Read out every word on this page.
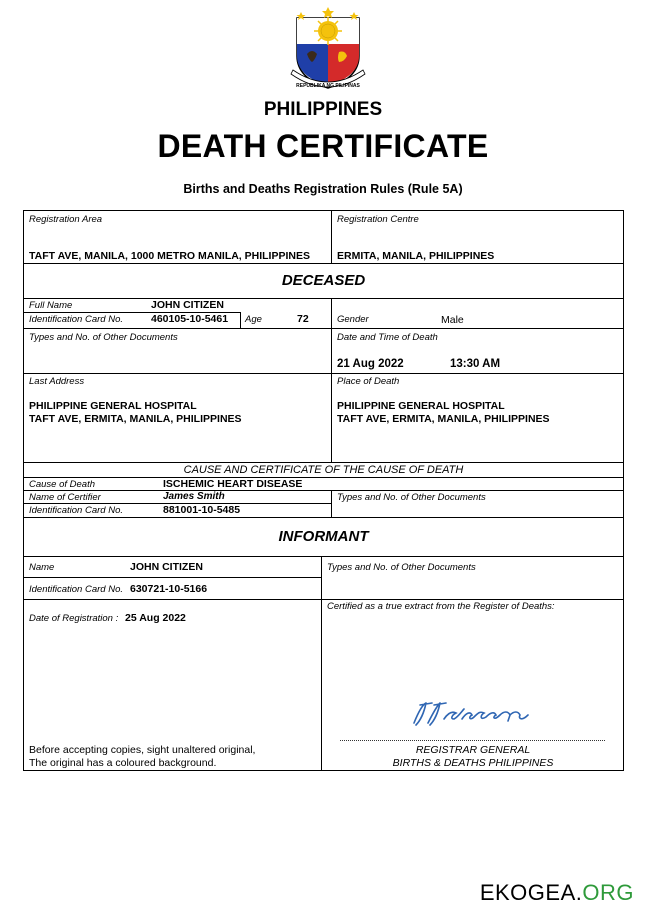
REPUBLIKA NG PILIPINAS
PHILIPPINES
DEATH CERTIFICATE
Births and Deaths Registration Rules (Rule 5A)
Registration Area
TAFT AVE, MANILA, 1000 METRO MANILA, PHILIPPINES
Registration Centre
ERMITA, MANILA, PHILIPPINES
DECEASED
Full Name	JOHN CITIZEN
Identification Card No.	460105-10-5461 Age	72	Gender	Male
Types and No. of Other Documents	Date and Time of Death
21 Aug 2022	13:30 AM
Last Address
PHILIPPINE GENERAL HOSPITAL
TAFT AVE, ERMITA, MANILA, PHILIPPINES
Place of Death
PHILIPPINE GENERAL HOSPITAL
TAFT AVE, ERMITA, MANILA, PHILIPPINES
CAUSE AND CERTIFICATE OF THE CAUSE OF DEATH
Cause of Death	ISCHEMIC HEART DISEASE
Name of Certifier	James Smith	Types and No. of Other Documents
Identification Card No.	881001-10-5485
INFORMANT
Name	JOHN CITIZEN	Types and No. of Other Documents
Identification Card No. 630721-10-5166
Date of Registration : 25 Aug 2022
Certified as a true extract from the Register of Deaths:
Before accepting copies, sight unaltered original,
The original has a coloured background.
REGISTRAR GENERAL
BIRTHS & DEATHS PHILIPPINES
EKOGEA.ORG
